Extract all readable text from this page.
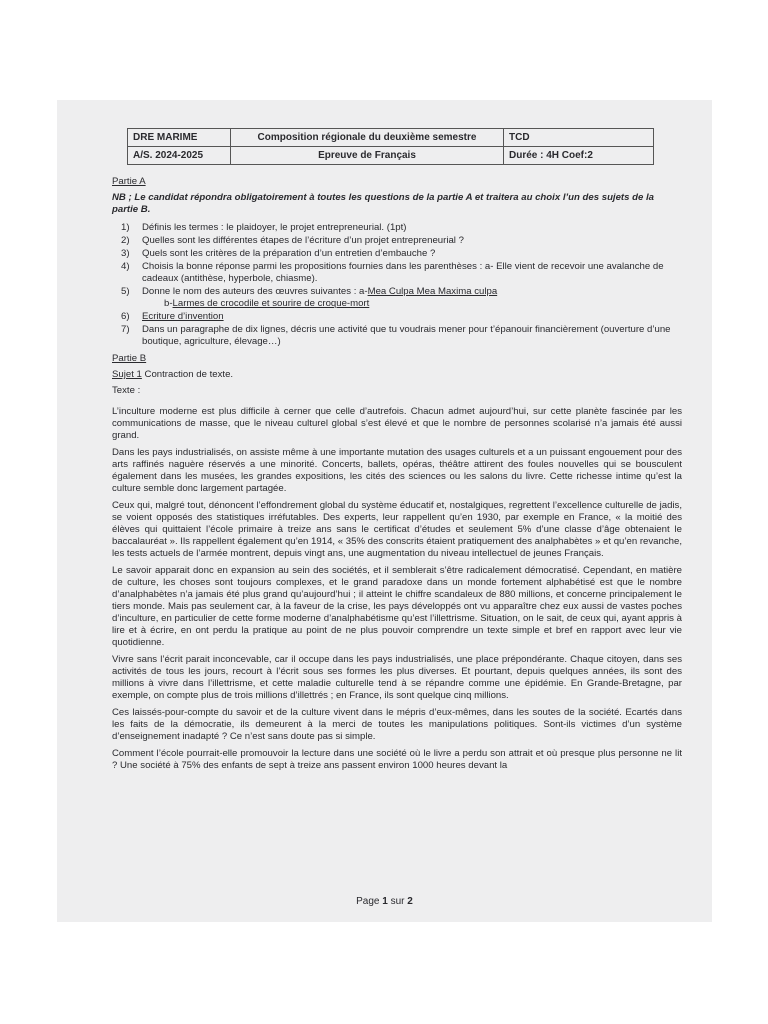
DRE MARIME	Composition régionale du deuxième semestre	TCD
A/S. 2024-2025	Epreuve de Français	Durée : 4H Coef:2
Partie A
NB ; Le candidat répondra obligatoirement à toutes les questions de la partie A et traitera au choix l’un des sujets de la partie B.
1) Définis les termes : le plaidoyer, le projet entrepreneurial. (1pt)
2) Quelles sont les différentes étapes de l’écriture d’un projet entrepreneurial ?
3) Quels sont les critères de la préparation d’un entretien d’embauche ?
4) Choisis la bonne réponse parmi les propositions fournies dans les parenthèses : a- Elle vient de recevoir une avalanche de cadeaux (antithèse, hyperbole, chiasme).
5) Donne le nom des auteurs des œuvres suivantes : a-Mea Culpa Mea Maxima culpa
b-Larmes de crocodile et sourire de croque-mort
6) Ecriture d’invention
7) Dans un paragraphe de dix lignes, décris une activité que tu voudrais mener pour t’épanouir financièrement (ouverture d’une boutique, agriculture, élevage…)
Partie B
Sujet 1 Contraction de texte.
Texte :

L’inculture moderne est plus difficile à cerner que celle d’autrefois. Chacun admet aujourd’hui, sur cette planète fascinée par les communications de masse, que le niveau culturel global s’est élevé et que le nombre de personnes scolarisé n’a jamais été aussi grand.

Dans les pays industrialisés, on assiste même à une importante mutation des usages culturels et a un puissant engouement pour des arts raffinés naguère réservés a une minorité. Concerts, ballets, opéras, théâtre attirent des foules nouvelles qui se bousculent également dans les musées, les grandes expositions, les cités des sciences ou les salons du livre. Cette richesse intime qu’est la culture semble donc largement partagée.

Ceux qui, malgré tout, dénoncent l’effondrement global du système éducatif et, nostalgiques, regrettent l’excellence culturelle de jadis, se voient opposés des statistiques irréfutables. Des experts, leur rappellent qu’en 1930, par exemple en France, « la moitié des élèves qui quittaient l’école primaire à treize ans sans le certificat d’études et seulement 5% d’une classe d’âge obtenaient le baccalauréat ». Ils rappellent également qu’en 1914, « 35% des conscrits étaient pratiquement des analphabètes » et qu’en revanche, les tests actuels de l’armée montrent, depuis vingt ans, une augmentation du niveau intellectuel de jeunes Français.

Le savoir apparait donc en expansion au sein des sociétés, et il semblerait s’être radicalement démocratisé. Cependant, en matière de culture, les choses sont toujours complexes, et le grand paradoxe dans un monde fortement alphabétisé est que le nombre d’analphabètes n’a jamais été plus grand qu’aujourd’hui ; il atteint le chiffre scandaleux de 880 millions, et concerne principalement le tiers monde. Mais pas seulement car, à la faveur de la crise, les pays développés ont vu apparaître chez eux aussi de vastes poches d’inculture, en particulier de cette forme moderne d’analphabétisme qu’est l’illettrisme. Situation, on le sait, de ceux qui, ayant appris à lire et à écrire, en ont perdu la pratique au point de ne plus pouvoir comprendre un texte simple et bref en rapport avec leur vie quotidienne.

Vivre sans l’écrit parait inconcevable, car il occupe dans les pays industrialisés, une place prépondérante. Chaque citoyen, dans ses activités de tous les jours, recourt à l’écrit sous ses formes les plus diverses. Et pourtant, depuis quelques années, ils sont des millions à vivre dans l’illettrisme, et cette maladie culturelle tend à se répandre comme une épidémie. En Grande-Bretagne, par exemple, on compte plus de trois millions d’illettrés ; en France, ils sont quelque cinq millions.

Ces laissés-pour-compte du savoir et de la culture vivent dans le mépris d’eux-mêmes, dans les soutes de la société. Ecartés dans les faits de la démocratie, ils demeurent à la merci de toutes les manipulations politiques. Sont-ils victimes d’un système d’enseignement inadapté ? Ce n’est sans doute pas si simple.

Comment l’école pourrait-elle promouvoir la lecture dans une société où le livre a perdu son attrait et où presque plus personne ne lit ? Une société à 75% des enfants de sept à treize ans passent environ 1000 heures devant la

Page 1 sur 2
